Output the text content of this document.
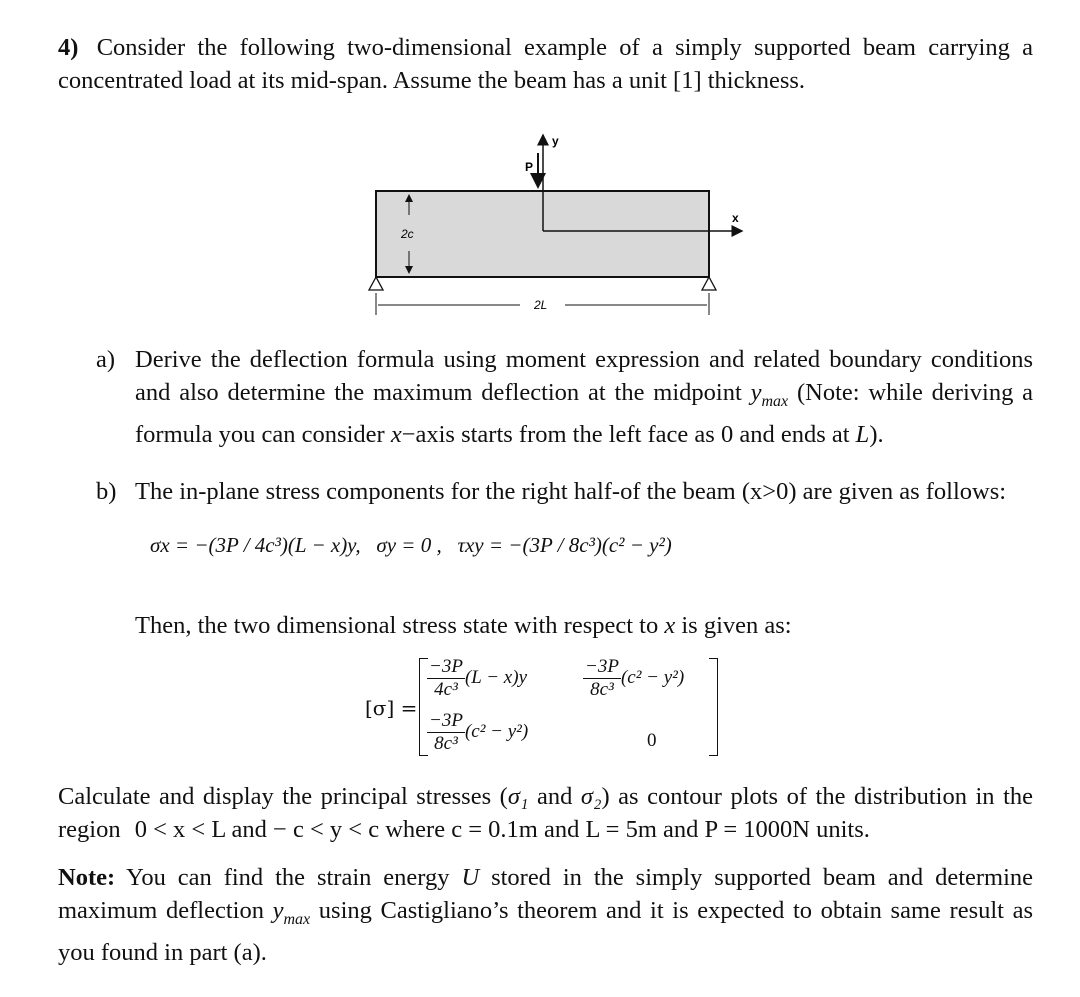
4) Consider the following two-dimensional example of a simply supported beam carrying a concentrated load at its mid-span. Assume the beam has a unit [1] thickness.
P
y
x
2c
2L
a) Derive the deflection formula using moment expression and related boundary conditions and also determine the maximum deflection at the midpoint $y_{max}$ (Note: while deriving a formula you can consider x−axis starts from the left face as 0 and ends at L).
b) The in-plane stress components for the right half-of the beam (x>0) are given as follows:
σx = −(3P / 4c³)(L − x)y, σy = 0 , τxy = −(3P / 8c³)(c² − y²)
Then, the two dimensional stress state with respect to x is given as:
[σ] =
$\frac{-3P}{\text{4c³}} (L - x)y$	$\frac{-3P}{\text{8c³}} (c^2 - y^2)$
$\frac{-3P}{\text{8c³}} (c^2 - y^2)$	0
Calculate and display the principal stresses (σ₁ and σ₂) as contour plots of the distribution in the region 0 < x < L and − c < y < c where c = 0.1m and L = 5m and P = 1000N units.
Note: You can find the strain energy U stored in the simply supported beam and determine maximum deflection $y_{max}$ using Castigliano’s theorem and it is expected to obtain same result as you found in part (a).
